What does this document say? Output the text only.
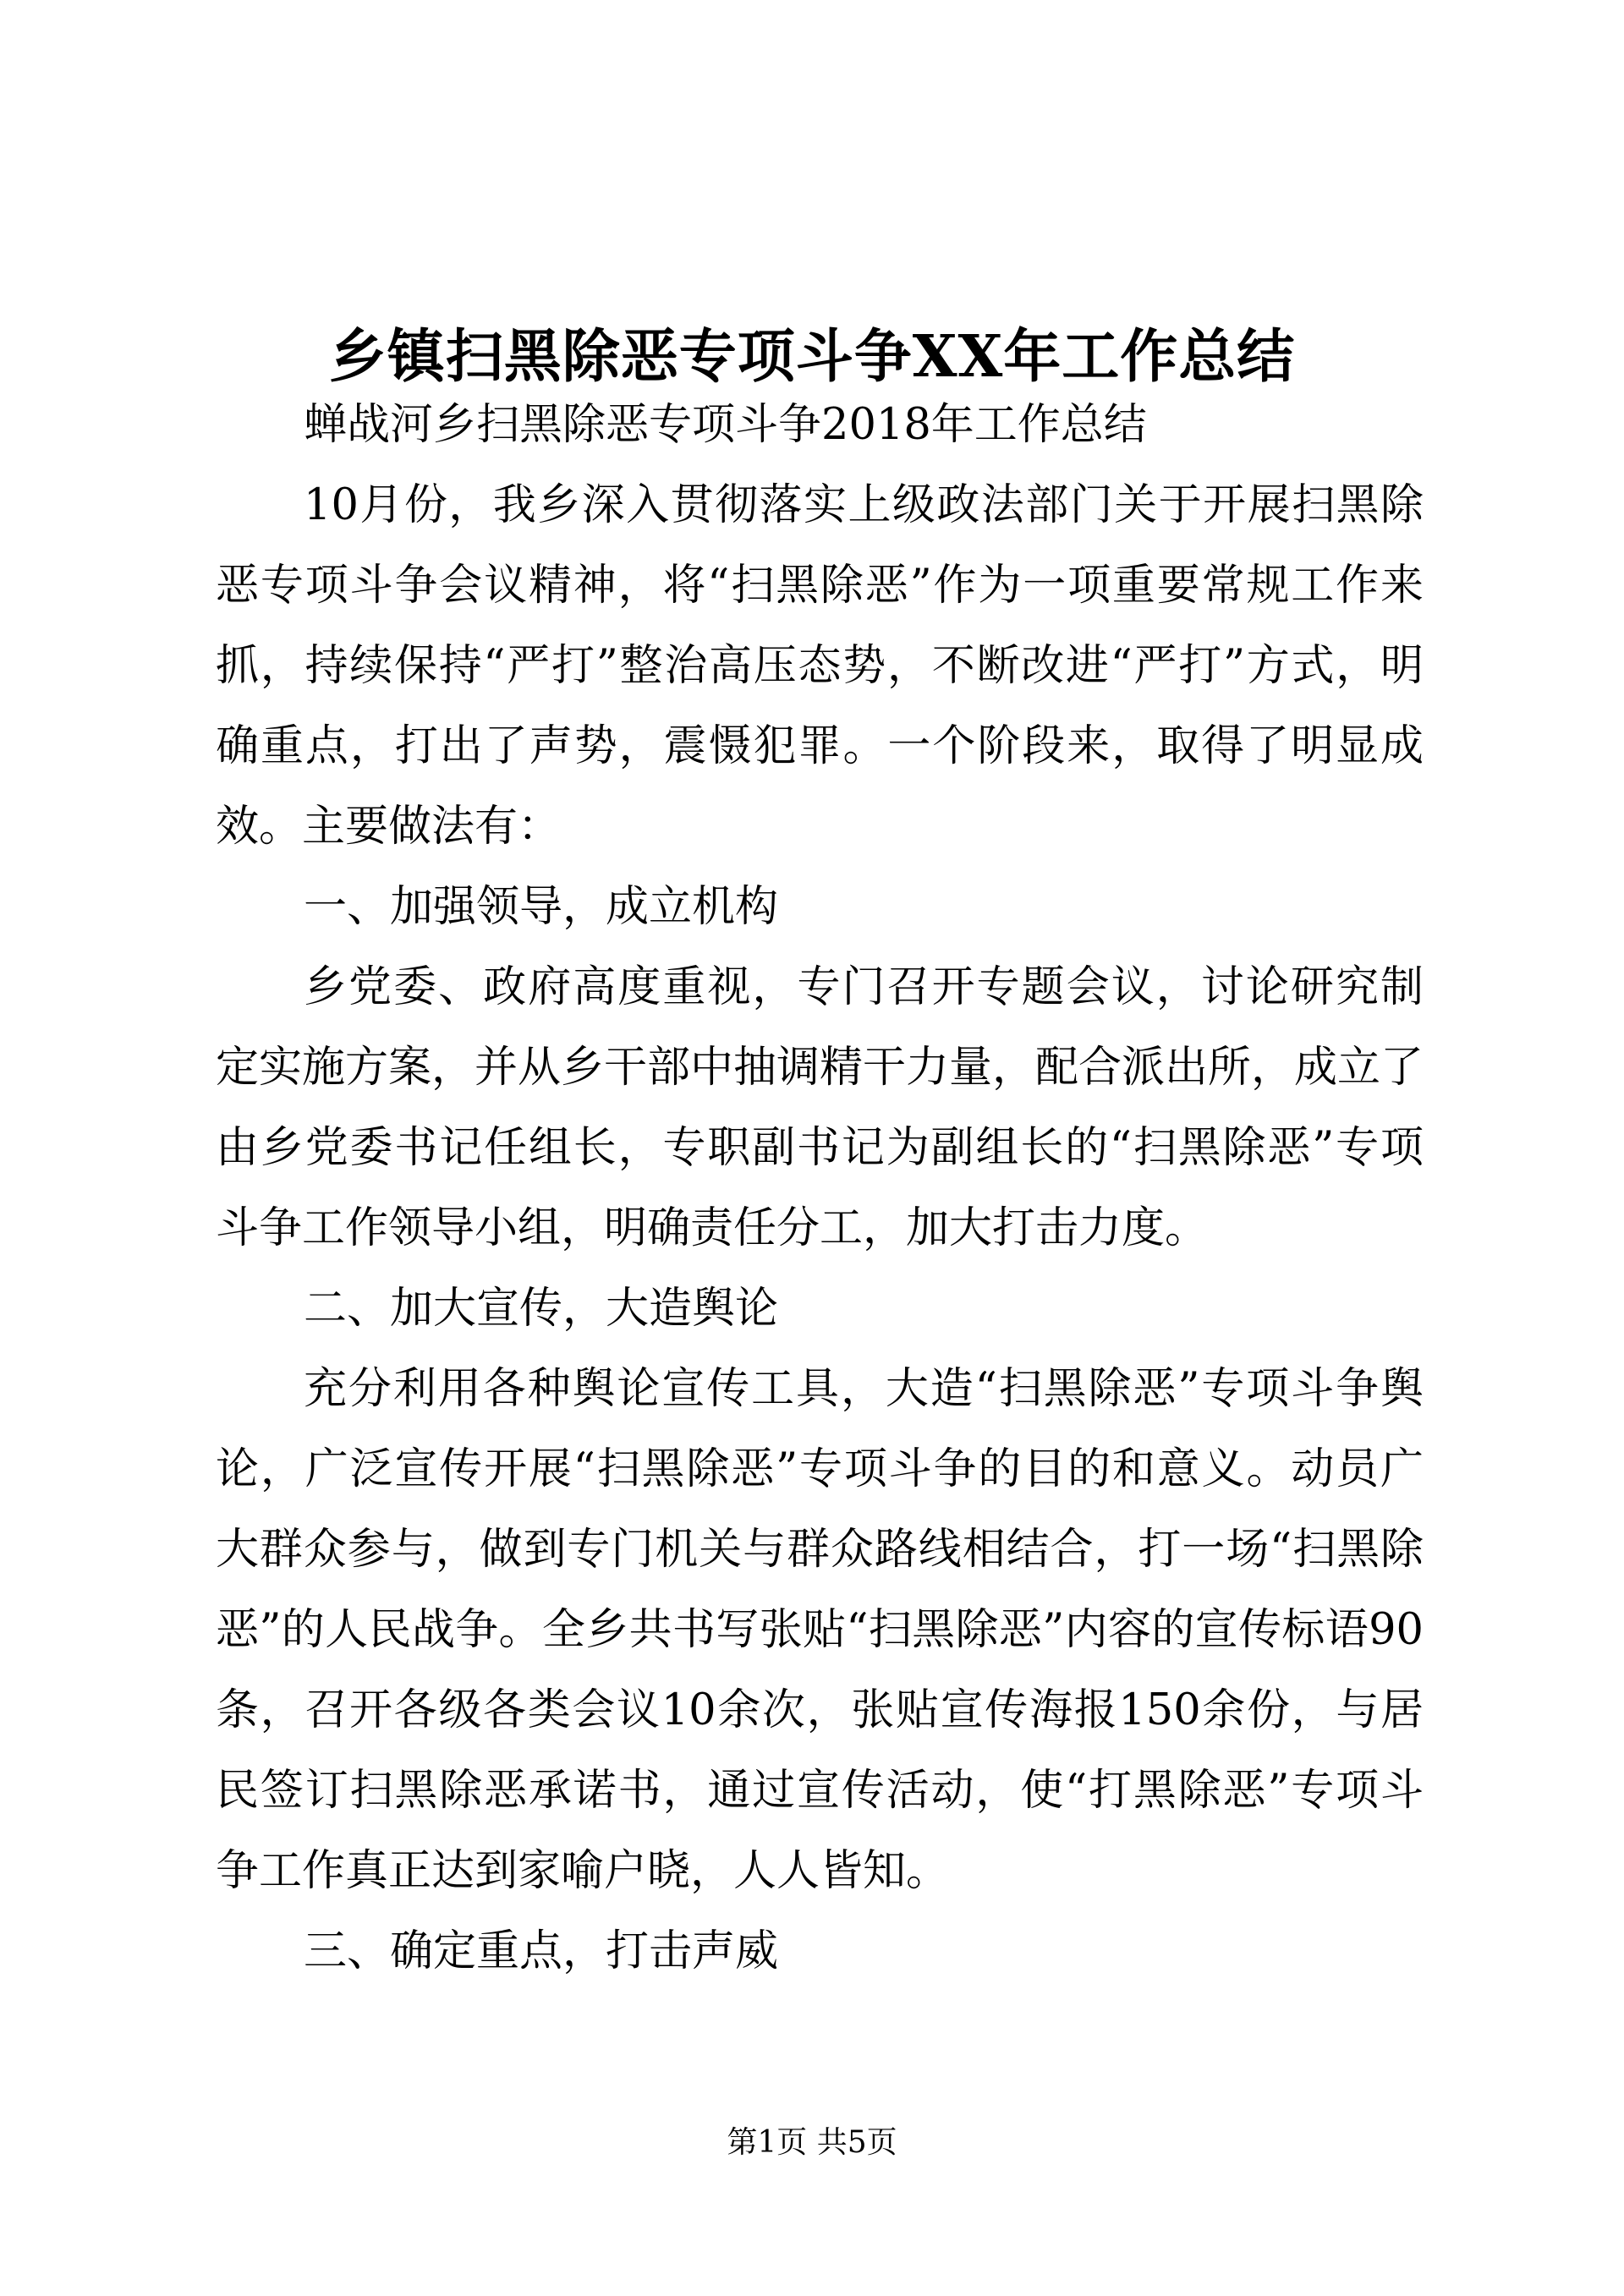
乡镇扫黑除恶专项斗争XX年工作总结

蝉战河乡扫黑除恶专项斗争2018年工作总结

10月份，我乡深入贯彻落实上级政法部门关于开展扫黑除恶专项斗争会议精神，将“扫黑除恶”作为一项重要常规工作来抓，持续保持“严打”整治高压态势，不断改进“严打”方式，明确重点，打出了声势，震慑犯罪。一个阶段来，取得了明显成效。主要做法有：

一、加强领导，成立机构

乡党委、政府高度重视，专门召开专题会议，讨论研究制定实施方案，并从乡干部中抽调精干力量，配合派出所，成立了由乡党委书记任组长，专职副书记为副组长的“扫黑除恶”专项斗争工作领导小组，明确责任分工，加大打击力度。

二、加大宣传，大造舆论

充分利用各种舆论宣传工具，大造“扫黑除恶”专项斗争舆论，广泛宣传开展“扫黑除恶”专项斗争的目的和意义。动员广大群众参与，做到专门机关与群众路线相结合，打一场“扫黑除恶”的人民战争。全乡共书写张贴“扫黑除恶”内容的宣传标语90条，召开各级各类会议10余次，张贴宣传海报150余份，与居民签订扫黑除恶承诺书，通过宣传活动，使“打黑除恶”专项斗争工作真正达到家喻户晓，人人皆知。

三、确定重点，打击声威

第1页 共5页
